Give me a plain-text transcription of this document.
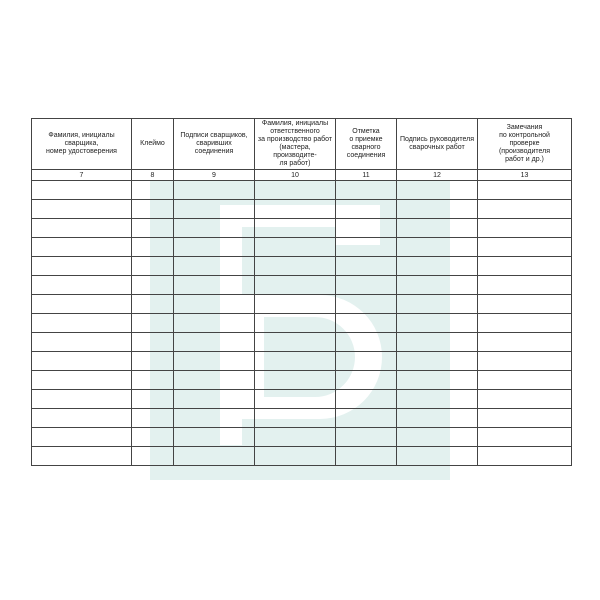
Фамилия, инициалы сварщика,
номер удостоверения	Клеймо	Подписи сварщиков,
сваривших соединения	Фамилия, инициалы
ответственного
за производство работ
(мастера, производите-
ля работ)	Отметка
о приемке
сварного
соединения	Подпись руководителя
сварочных работ	Замечания
по контрольной
проверке
(производителя
работ и др.)

7	8	9	10	11	12	13
